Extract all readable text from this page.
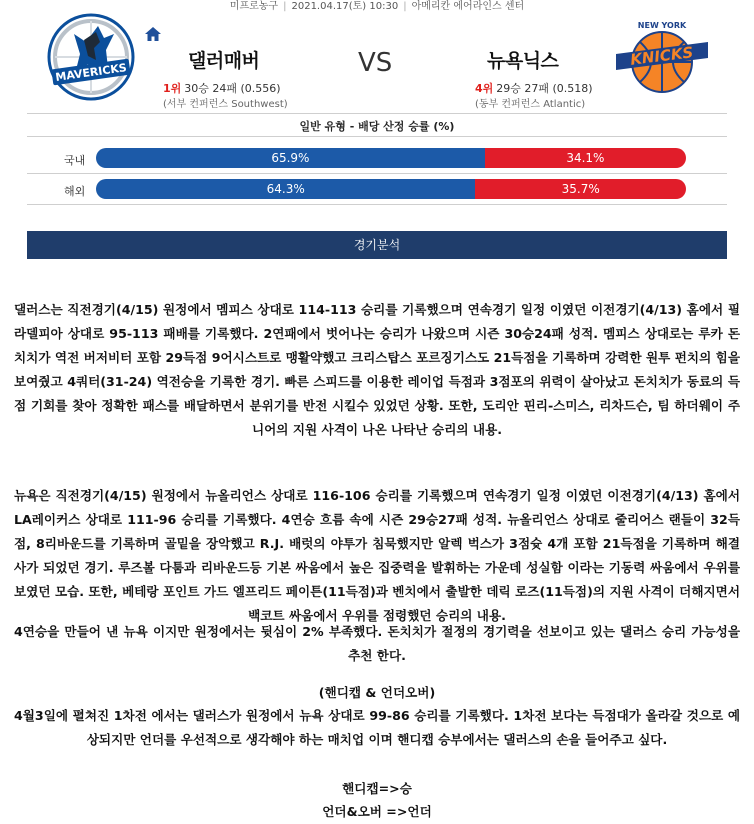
미프로농구 | 2021.04.17(토) 10:30 | 아메리칸 에어라인스 센터
MAVERICKS
댈러매버	VS	뉴욕닉스
1위 30승 24패 (0.556)
(서부 컨퍼런스 Southwest)
4위 29승 27패 (0.518)
(동부 컨퍼런스 Atlantic)
KNICKS
NEW YORK
일반 유형 - 배당 산정 승률 (%)
국내	65.9%	34.1%
해외	64.3%	35.7%
경기분석
댈러스는 직전경기(4/15) 원정에서 멤피스 상대로 114-113 승리를 기록했으며 연속경기 일정 이였던 이전경기(4/13) 홈에서 필라델피아 상대로 95-113 패배를 기록했다. 2연패에서 벗어나는 승리가 나왔으며 시즌 30승24패 성적. 멤피스 상대로는 루카 돈치치가 역전 버저비터 포함 29득점 9어시스트로 맹활약했고 크리스탑스 포르징기스도 21득점을 기록하며 강력한 원투 펀치의 힘을 보여줬고 4쿼터(31-24) 역전승을 기록한 경기. 빠른 스피드를 이용한 레이업 득점과 3점포의 위력이 살아났고 돈치치가 동료의 득점 기회를 찾아 정확한 패스를 배달하면서 분위기를 반전 시킬수 있었던 상황. 또한, 도리안 핀리-스미스, 리차드슨, 팀 하더웨이 주니어의 지원 사격이 나온 나타난 승리의 내용.
뉴욕은 직전경기(4/15) 원정에서 뉴올리언스 상대로 116-106 승리를 기록했으며 연속경기 일정 이였던 이전경기(4/13) 홈에서 LA레이커스 상대로 111-96 승리를 기록했다. 4연승 흐름 속에 시즌 29승27패 성적. 뉴올리언스 상대로 줄리어스 랜들이 32득점, 8리바운드를 기록하며 골밑을 장악했고 R.J. 배럿의 야투가 침묵했지만 알렉 벅스가 3점슛 4개 포함 21득점을 기록하며 해결사가 되었던 경기. 루즈볼 다툼과 리바운드등 기본 싸움에서 높은 집중력을 발휘하는 가운데 성실함 이라는 기동력 싸움에서 우위를 보였던 모습. 또한, 베테랑 포인트 가드 엘프리드 페이튼(11득점)과 벤치에서 출발한 데릭 로즈(11득점)의 지원 사격이 더해지면서 백코트 싸움에서 우위를 점령했던 승리의 내용.
4연승을 만들어 낸 뉴욕 이지만 원정에서는 뒷심이 2% 부족했다. 돈치치가 절정의 경기력을 선보이고 있는 댈러스 승리 가능성을 추천 한다.
(핸디캡 & 언더오버)
4월3일에 펼쳐진 1차전 에서는 댈러스가 원정에서 뉴욕 상대로 99-86 승리를 기록했다. 1차전 보다는 득점대가 올라갈 것으로 예상되지만 언더를 우선적으로 생각해야 하는 매치업 이며 핸디캡 승부에서는 댈러스의 손을 들어주고 싶다.
핸디캡=>승
언더&오버 =>언더
